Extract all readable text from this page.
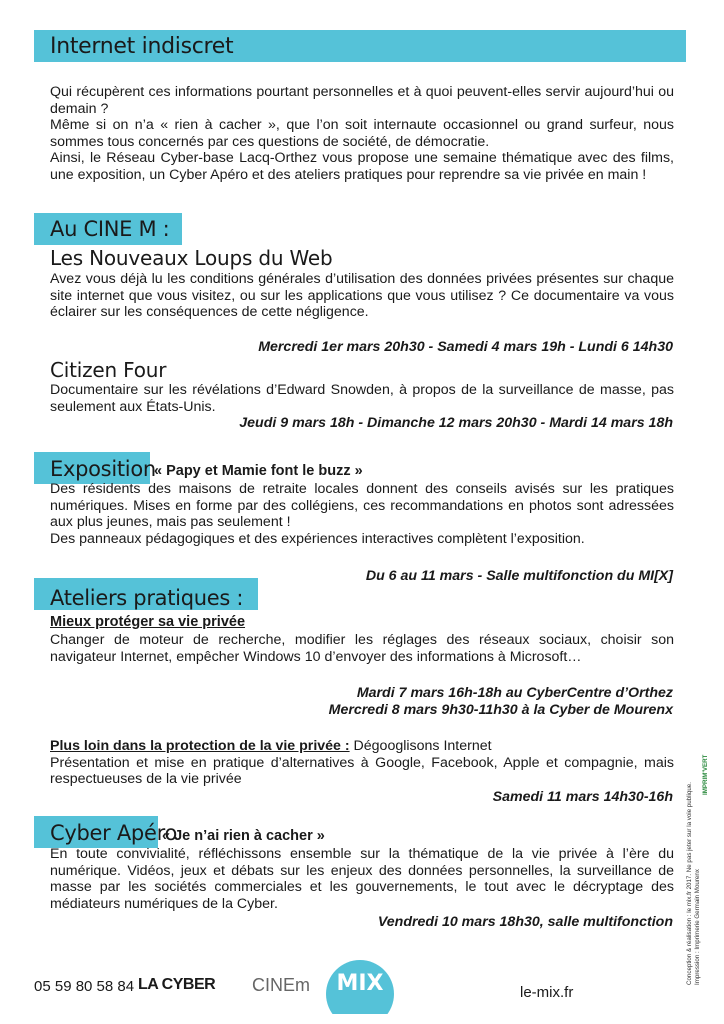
Internet indiscret

Qui récupèrent ces informations pourtant personnelles et à quoi peuvent-elles servir aujourd’hui ou demain ?

Même si on n’a « rien à cacher », que l’on soit internaute occasionnel ou grand surfeur, nous sommes tous concernés par ces questions de société, de démocratie.

Ainsi, le Réseau Cyber-base Lacq-Orthez vous propose une semaine thématique avec des films, une exposition, un Cyber Apéro et des ateliers pratiques pour reprendre sa vie privée en main !

Au CINE M :
Les Nouveaux Loups du Web
Avez vous déjà lu les conditions générales d’utilisation des données privées présentes sur chaque site internet que vous visitez, ou sur les applications que vous utilisez ? Ce documentaire va vous éclairer sur les conséquences de cette négligence.
Mercredi 1er mars 20h30 - Samedi 4 mars 19h - Lundi 6 14h30
Citizen Four
Documentaire sur les révélations d’Edward Snowden, à propos de la surveillance de masse, pas seulement aux États-Unis.
Jeudi 9 mars 18h - Dimanche 12 mars 20h30 - Mardi 14 mars 18h
Exposition
« Papy et Mamie font le buzz »

Des résidents des maisons de retraite locales donnent des conseils avisés sur les pratiques numériques. Mises en forme par des collégiens, ces recommandations en photos sont adressées aux plus jeunes, mais pas seulement !

Des panneaux pédagogiques et des expériences interactives complètent l’exposition.

Du 6 au 11 mars - Salle multifonction du MI[X]
Ateliers pratiques :
Mieux protéger sa vie privée
Changer de moteur de recherche, modifier les réglages des réseaux sociaux, choisir son navigateur Internet, empêcher Windows 10 d’envoyer des informations à Microsoft…
Mardi 7 mars 16h-18h au CyberCentre d’Orthez
Mercredi 8 mars 9h30-11h30 à la Cyber de Mourenx

Plus loin dans la protection de la vie privée : Dégooglisons Internet

Présentation et mise en pratique d’alternatives à Google, Facebook, Apple et compagnie, mais respectueuses de la vie privée

Samedi 11 mars 14h30-16h
Cyber Apéro
« Je n’ai rien à cacher »
En toute convivialité, réfléchissons ensemble sur la thématique de la vie privée à l’ère du numérique. Vidéos, jeux et débats sur les enjeux des données personnelles, la surveillance de masse par les sociétés commerciales et les gouvernements, le tout avec le décryptage des médiateurs numériques de la Cyber.
Vendredi 10 mars 18h30, salle multifonction
05 59 80 58 84 LA CYBER CINEm MIX	le-mix.fr
Conception & réalisation : le mix.fr 2017. Ne pas jeter sur la voie publique. Impression : Imprimerie Germain Mourenx
IMPRIM'VERT
